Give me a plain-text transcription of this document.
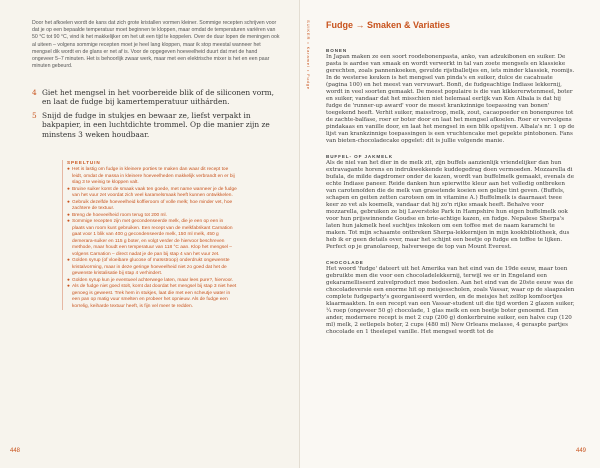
Door het afkoelen wordt de kans dat zich grote kristallen vormen kleiner. Sommige recepten schrijven voor dat je op een bepaalde temperatuur moet beginnen te kloppen, maar omdat de temperaturen variëren van 50 °C tot 90 °C, vind ik het makkelijker om het uit een tijd te koppelen. Over de duur lopen de meningen ook al uiteen – volgens sommige recepten moet je heel lang kloppen, maar ik stop meestal wanneer het mengsel dik wordt en de glans er net af is. Voor de opgegeven hoeveelheid duurt dat met de hand ongeveer 5–7 minuten. Het is behoorlijk zwaar werk, maar met een elektrische mixer is het en een paar minuten gebeurd.

4 Giet het mengsel in het voorbereide blik of de siliconen vorm, en laat de fudge bij kamertemperatuur uithárden.
5 Snijd de fudge in stukjes en bewaar ze, liefst verpakt in bakpapier, in een luchtdichte trommel. Op die manier zijn ze minstens 3 weken houdbaar.

SPEELTUIN

● Het is lastig om fudge in kleinere porties te maken dan waar dit recept toe leidt, omdat de massa in kleinere hoeveelheden makkelijk verbrandt en er bij slag 3 te weinig te kloppen valt.
● Bruine suiker komt de smaak vaak ten goede, met name wanneer je de fudge van het vuur zet voordat zich veel karamelsmaak heeft kunnen ontwikkelen.
● Gebruik dezelfde hoeveelheid koffieroom of volle melk; hoe minder vet, hoe zachtere de textuur.
● Breng de hoeveelheid room terug tot 200 ml.
● Sommige recepten zijn met gecondenseerde melk, die je een op een in plaats van room kunt gebruiken. Een recept van de melkfabrikant Carnation gaat voor 1 blik van 400 g gecondenseerde melk, 150 ml melk, 450 g demerara-suiker en 115 g boter, en volgt verder de hiervoor beschreven methode, maar houdt een temperatuur van 118 °C aan. Klop het mengsel – volgens Carnation – direct nadat je de pan bij stap 4 van het vuur zet.
● Golden syrup (of vloeibare glucose of maïsstroop) onderdrukt ongewenste kristalvorming, maar in deze geringe hoeveelheid niet zo goed dat het de gewenste kristalisatie bij stap 4 verhindert.
● Golden syrup kun je eventueel achterwege laten, maar lees pure?, hiervoor.
● Als de fudge niet goed stolt, komt dat doordat het mengsel bij stap 3 niet heet genoeg is geweest. Trek hem in stukjes, laat die met een scheutje water in een pan op matig vuur smelten en probeer het opnieuw. Als de fudge een korrelig, keiharde textuur heeft, is fijn vel meer te redden.
448
SUIKER • Karamel • Fudge Fudge → Smaken & Variaties

BONEN

In Japan maken ze een soort roodebonenpasta, anko, van adzukibonen en suiker. De pasta is aardse van smaak en wordt verwerkt in tal van zoete mengsels en klassieke gerechten, zoals pannenkoeken, gevulde rijstballetjes en, iets minder klassiek, roomijs. In de westerse keuken is het mengsel van pinda's en suiker, dulce de cacahuate (pagina 100) en het meest van vervuwart. Bonfi, de fudgeachtige Indiase lekkernij, wordt in veel soorten gemaakt. De meest populaire is die van kikkererwtenmeel, boter en suiker, vandaar dat het misschien niet helemaal eerlijk van Ken Albala is dat hij fudge de 'runner-up award' voor de meest krankzinnige toepassing van bonen' toegekend heeft. Verhit suiker, maisstroop, melk, zout, cacaopoeder en bonenpuree tot de zachte-balfase, roer er boter door en laat het mengsel afkoelen. Roer er vervolgens pindakaas en vanille door, en laat het mengsel in een blik opstijven. Albala's nr. 1 op de lijst van krankzinnige toepassingen is een vruchtencake met gepekte pintobonen. Fans van bieten-chocoladecake opgelet: dit is jullie volgende manie.

BUFFEL- OF JAKMELK

Als de niel van het dier in de melk zit, zijn buffels aanzienlijk vriendelijker dan hun extravagante horens en indrukwekkende kuddegedrag doen vermoeden. Mozzarella di bufala, de milde dagdromer onder de kazen, wordt van buffelmelk gemaakt, evenals de echte Indiase paneer. Reide danken hun spierwitte kleur aan het volledig ontbreken van carotenoïden die de melk van grasetende koeien een gelige tint geven. (Buffels, schapen en geiten zetten caroteen om in vitamine A.) Buffelmelk is daarnaast twee keer zo vet als koemelk, vandaar dat hij zo'n rijke smaak heeft. Behalve voor mozzarella, gebruiken ze bij Laverstoke Park in Hampshire hun eigen buffelmelk ook voor hun prijswinnende Goudse en brie-achtige kazen, en fudge. Nepalese Sherpa's laten hun jakmelk heel suchtjes inkoken om een toffee met de naam karamchi te maken. Tot mijn schaamte ontbreken Sherpa-lekkernijen in mijn kookbibliotheek, dus heb ik er geen details over, maar het schijnt een beetje op fudge en toffee te lijken. Perfect op je granolareep, halverwege de top van Mount Everest.

CHOCOLADE

Het woord 'fudge' dateert uit het Amerika van het eind van de 19de eeuw, maar toen gebruikte men die voor een chocoladelekkernij, terwijl we er in Engeland een gekaramelliseerd zuivelproduct mee bedoelen. Aan het eind van de 20ste eeuw was de chocoladeversie een enorme hit op meisjesscholen, zoals Vassar, waar op de slaapzalen complete fudgeparty's georganiseerd werden, en de meisjes het zelfop komfoortjes klaarmaakten. In een recept van een Vassar-student uit die tijd worden 2 glazen suiker, ¼ roep (ongeveer 50 g) chocolade, 1 glas melk en een beetje boter genoemd. Een ander, modernere recept is met 2 cup (200 g) donkerbruine suiker, een halve cup (120 ml) melk, 2 eetlepels boter, 2 cups (480 ml) New Orleans melasse, 4 geraspte partjes chocolade en 1 theelepel vanille. Het mengsel wordt tot de

449
